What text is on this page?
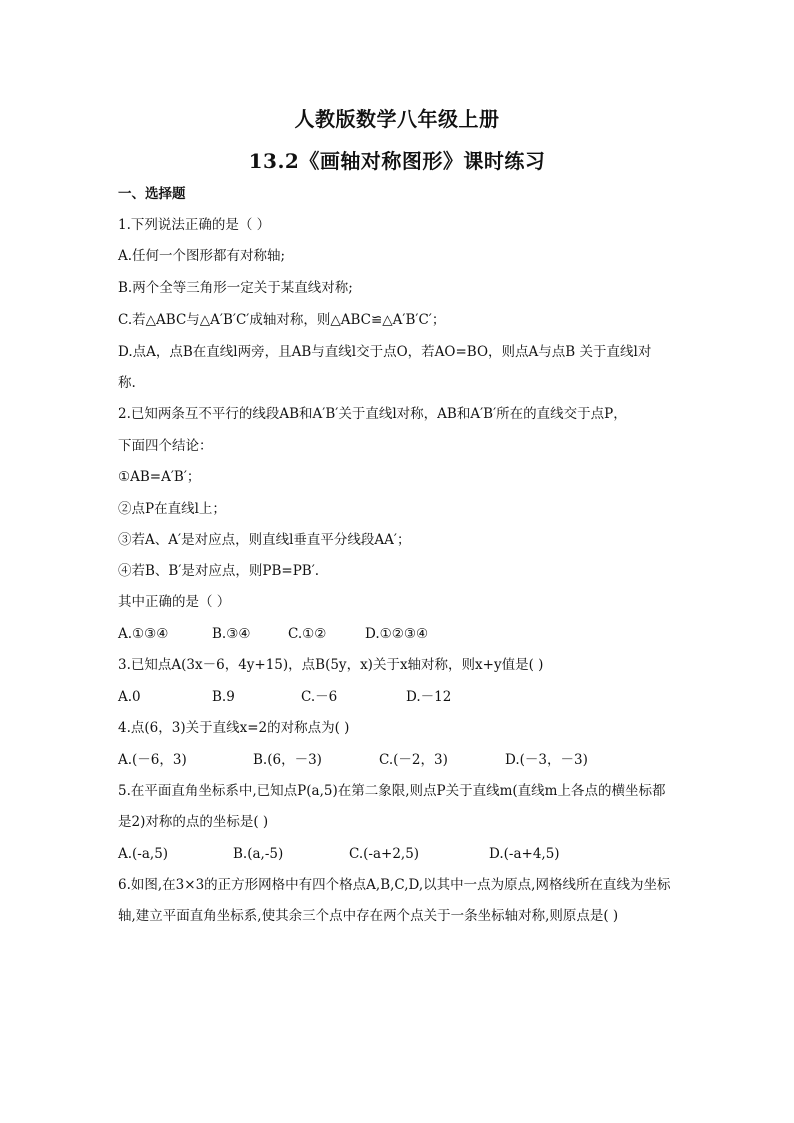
人教版数学八年级上册
13.2《画轴对称图形》课时练习
一、选择题
1.下列说法正确的是（ ）
A.任何一个图形都有对称轴;
B.两个全等三角形一定关于某直线对称;
C.若△ABC与△A′B′C′成轴对称，则△ABC≌△A′B′C′；
D.点A，点B在直线l两旁，且AB与直线l交于点O，若AO=BO，则点A与点B 关于直线l对
称.
2.已知两条互不平行的线段AB和A′B′关于直线l对称，AB和A′B′所在的直线交于点P，
下面四个结论：
①AB=A′B′；
②点P在直线l上；
③若A、A′是对应点，则直线l垂直平分线段AA′；
④若B、B′是对应点，则PB=PB′.
其中正确的是（ ）
A.①③④	B.③④	C.①②	D.①②③④
3.已知点A(3x－6，4y+15)，点B(5y，x)关于x轴对称，则x+y值是( )
A.0	B.9	C.－6	D.－12
4.点(6，3)关于直线x=2的对称点为( )
A.(－6，3)	B.(6，－3)	C.(－2，3)	D.(－3，－3)
5.在平面直角坐标系中,已知点P(a,5)在第二象限,则点P关于直线m(直线m上各点的横坐标都
是2)对称的点的坐标是( )
A.(-a,5)	B.(a,-5)	C.(-a+2,5)	D.(-a+4,5)
6.如图,在3×3的正方形网格中有四个格点A,B,C,D,以其中一点为原点,网格线所在直线为坐标
轴,建立平面直角坐标系,使其余三个点中存在两个点关于一条坐标轴对称,则原点是( )
